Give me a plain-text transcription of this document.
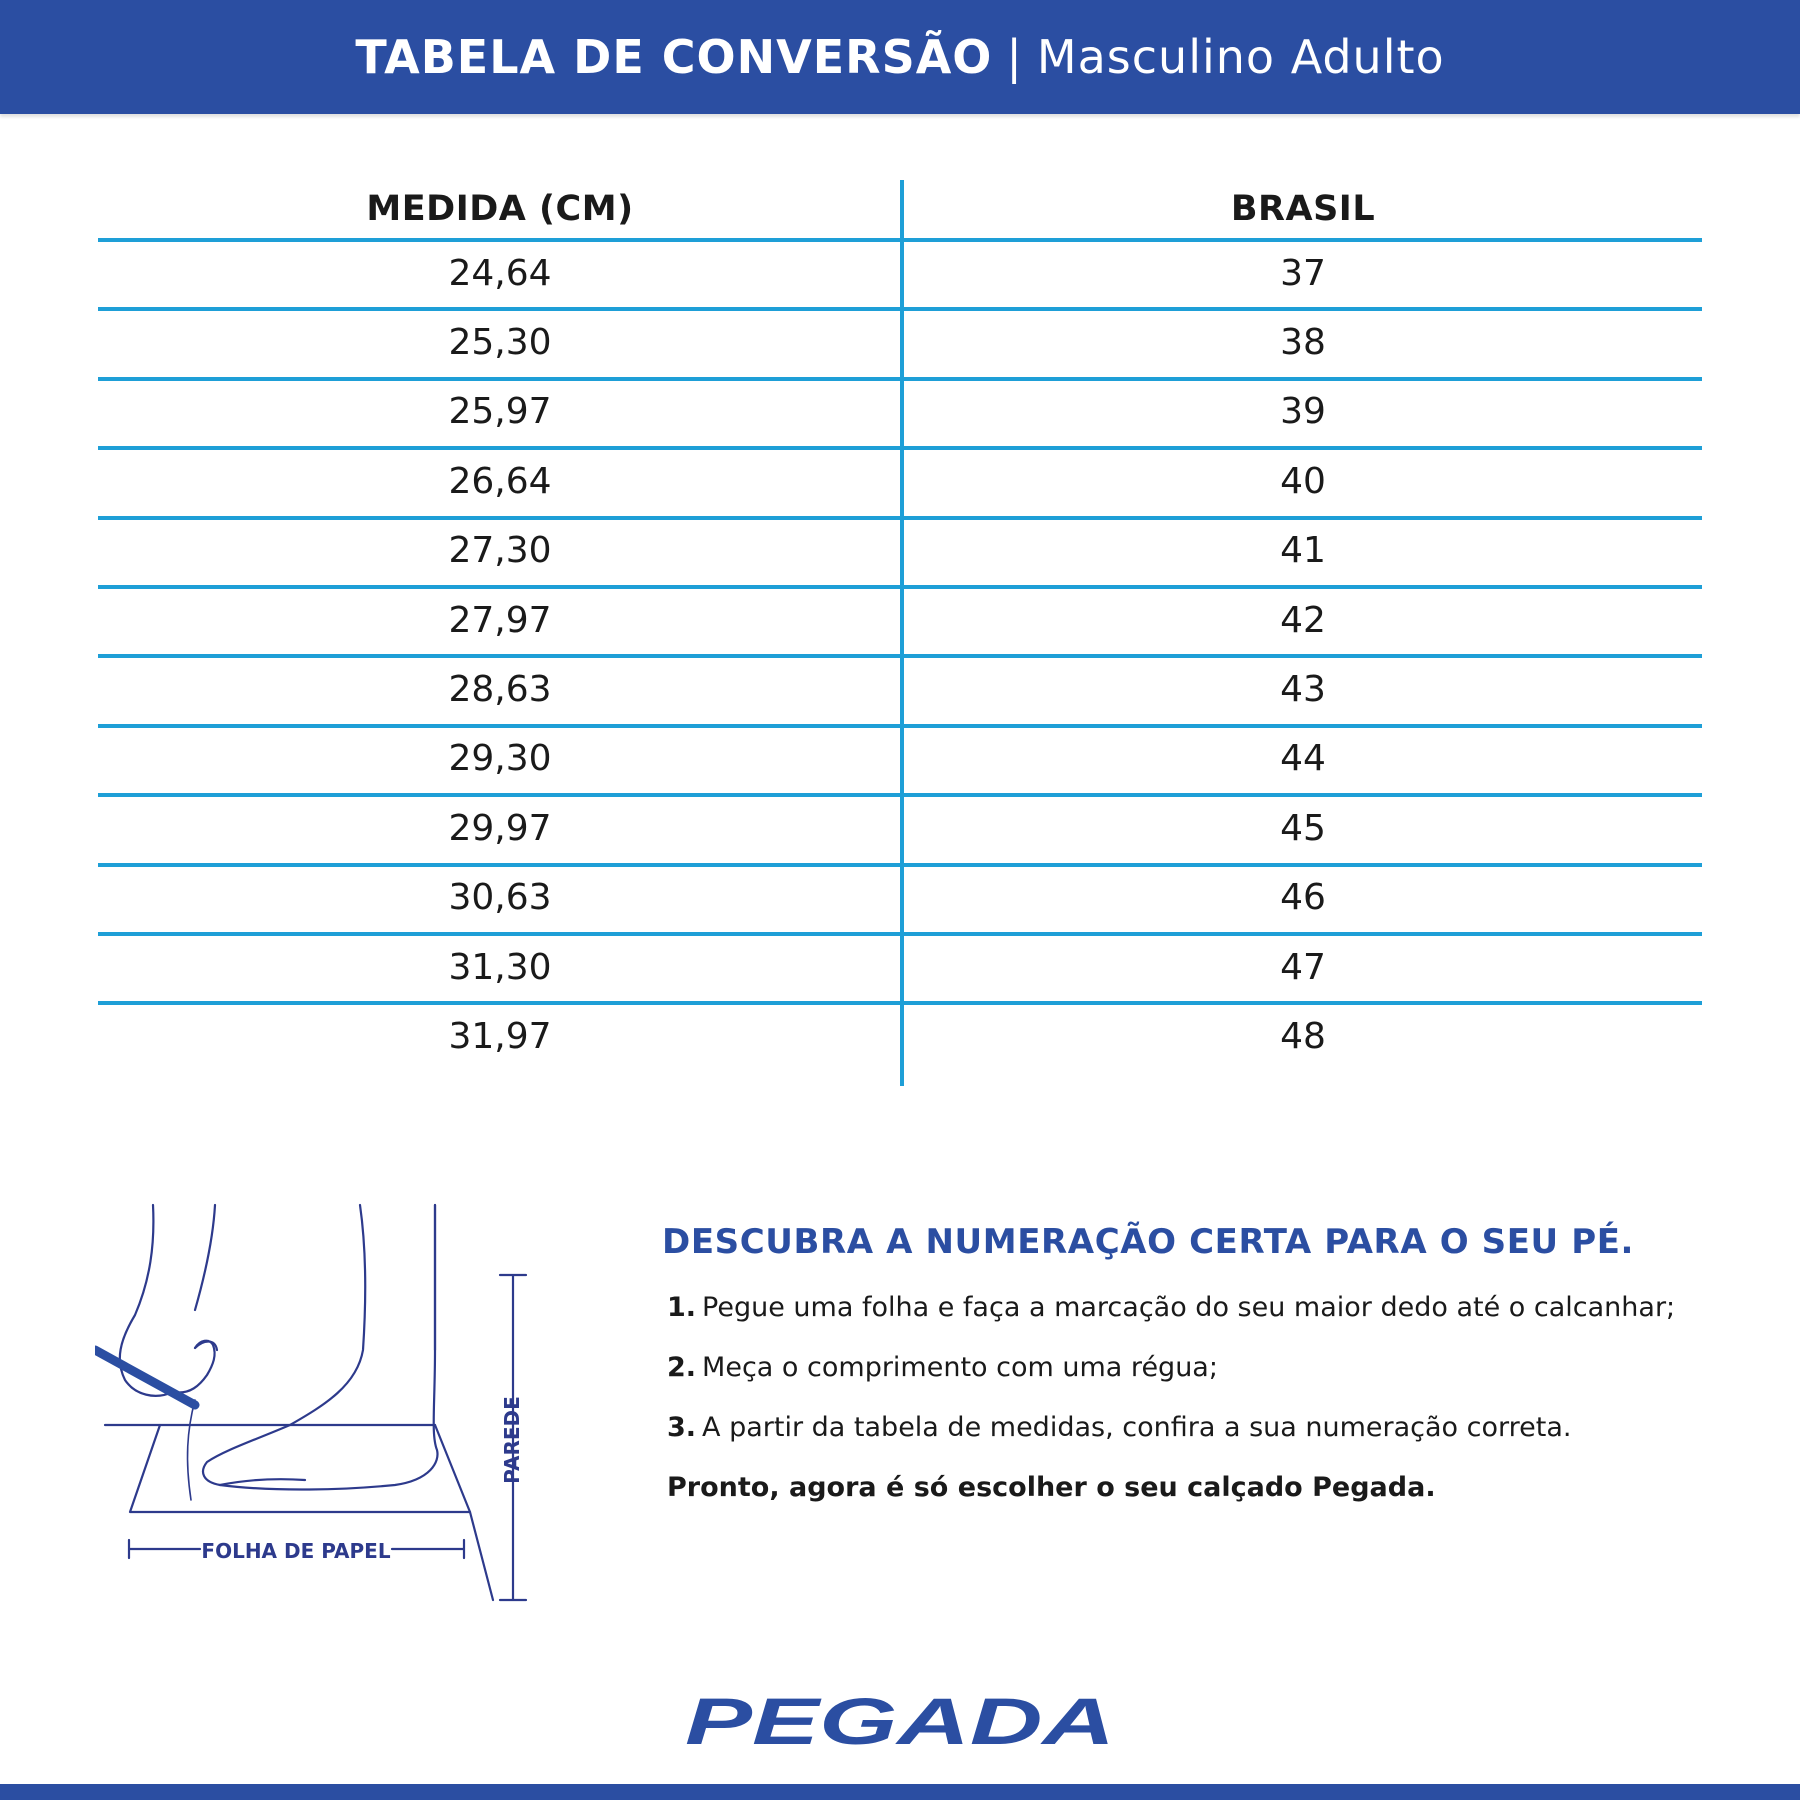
TABELA DE CONVERSÃO | Masculino Adulto
MEDIDA (CM)	BRASIL
24,64	37
25,30	38
25,97	39
26,64	40
27,30	41
27,97	42
28,63	43
29,30	44
29,97	45
30,63	46
31,30	47
31,97	48
FOLHA DE PAPEL
PAREDE
DESCUBRA A NUMERAÇÃO CERTA PARA O SEU PÉ.
1. Pegue uma folha e faça a marcação do seu maior dedo até o calcanhar;
2. Meça o comprimento com uma régua;
3. A partir da tabela de medidas, confira a sua numeração correta.
Pronto, agora é só escolher o seu calçado Pegada.
PEGADA
